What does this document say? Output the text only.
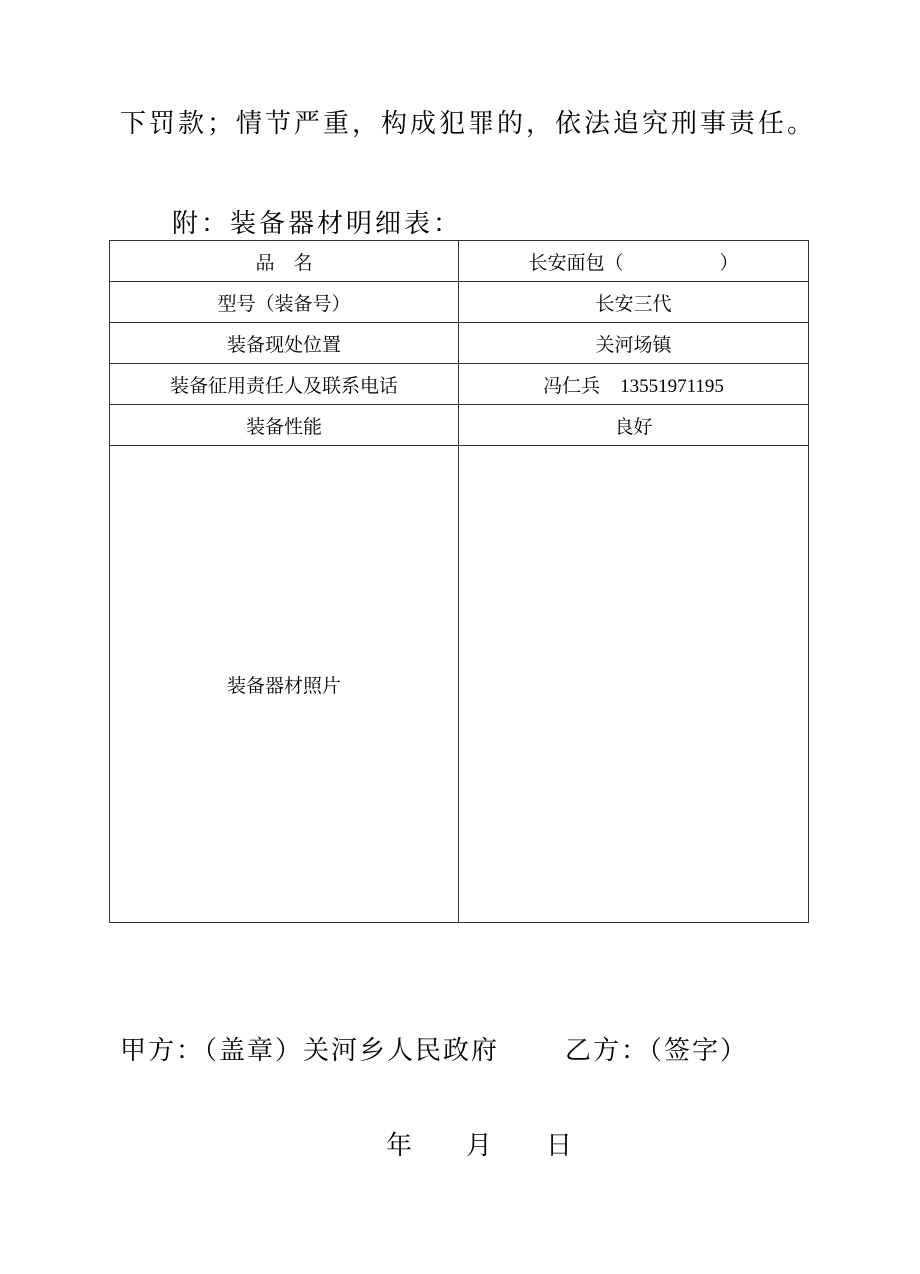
下罚款；情节严重，构成犯罪的，依法追究刑事责任。
附：装备器材明细表：
品　名	长安面包（ ）
型号（装备号）	长安三代
装备现处位置	关河场镇
装备征用责任人及联系电话	冯仁兵 13551971195
装备性能	良好
装备器材照片	
甲方：（盖章）关河乡人民政府	乙方：（签字）
年 月 日
